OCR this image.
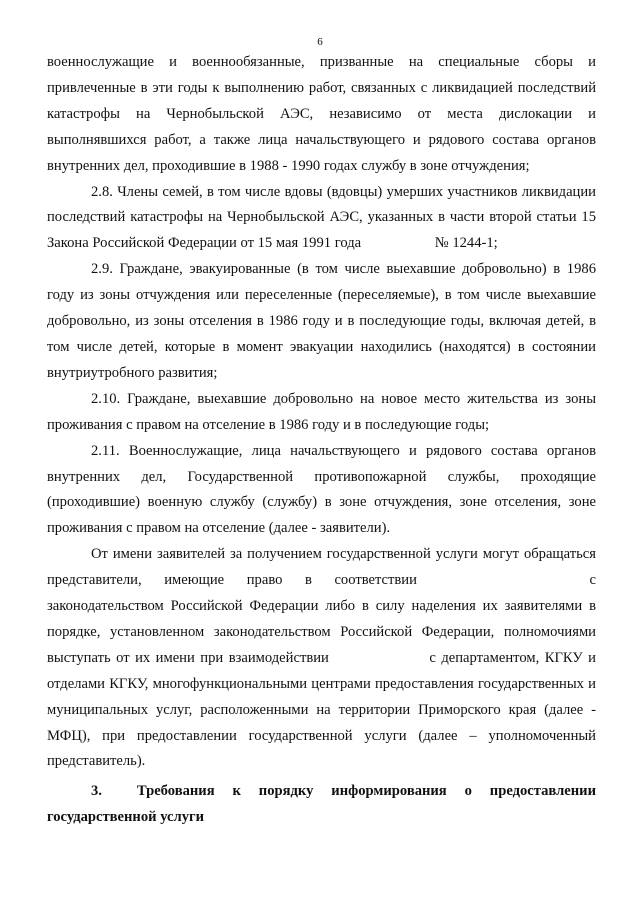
6

военнослужащие и военнообязанные, призванные на специальные сборы и привлеченные в эти годы к выполнению работ, связанных с ликвидацией последствий катастрофы на Чернобыльской АЭС, независимо от места дислокации и выполнявшихся работ, а также лица начальствующего и рядового состава органов внутренних дел, проходившие в 1988 - 1990 годах службу в зоне отчуждения;

2.8. Члены семей, в том числе вдовы (вдовцы) умерших участников ликвидации последствий катастрофы на Чернобыльской АЭС, указанных в части второй статьи 15 Закона Российской Федерации от 15 мая 1991 года	№ 1244-1;

2.9. Граждане, эвакуированные (в том числе выехавшие добровольно) в 1986 году из зоны отчуждения или переселенные (переселяемые), в том числе выехавшие добровольно, из зоны отселения в 1986 году и в последующие годы, включая детей, в том числе детей, которые в момент эвакуации находились (находятся) в состоянии внутриутробного развития;

2.10. Граждане, выехавшие добровольно на новое место жительства из зоны проживания с правом на отселение в 1986 году и в последующие годы;

2.11. Военнослужащие, лица начальствующего и рядового состава органов внутренних дел, Государственной противопожарной службы, проходящие (проходившие) военную службу (службу) в зоне отчуждения, зоне отселения, зоне проживания с правом на отселение (далее - заявители).

От имени заявителей за получением государственной услуги могут обращаться представители, имеющие право в соответствии	с законодательством Российской Федерации либо в силу наделения их заявителями в порядке, установленном законодательством Российской Федерации, полномочиями выступать от их имени при взаимодействии	с департаментом, КГКУ и отделами КГКУ, многофункциональными центрами предоставления государственных и муниципальных услуг, расположенными на территории Приморского края (далее - МФЦ), при предоставлении государственной услуги (далее – уполномоченный представитель).

3. Требования к порядку информирования о предоставлении государственной услуги
